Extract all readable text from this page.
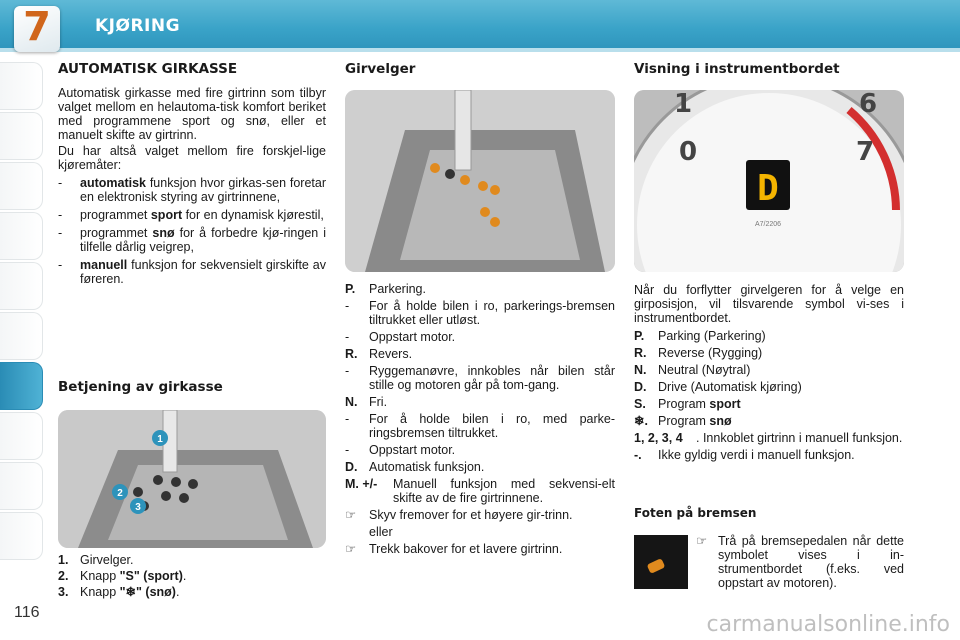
7	KJØRING

AUTOMATISK GIRKASSE

Automatisk girkasse med fire girtrinn som tilbyr valget mellom en helautoma-tisk komfort beriket med programmene sport og snø, eller et manuelt skifte av girtrinn.

Du har altså valget mellom fire forskjel-lige kjøremåter:

- automatisk funksjon hvor girkas-sen foretar en elektronisk styring av girtrinnene,

- programmet sport for en dynamisk kjørestil,

- programmet snø for å forbedre kjø-ringen i tilfelle dårlig veigrep,

- manuell funksjon for sekvensielt girskifte av føreren.

Betjening av girkasse

1
2
3
1. Girvelger.
2. Knapp "S" (sport).
3. Knapp "❄" (snø).

Girvelger

P. Parkering.

- For å holde bilen i ro, parkerings-bremsen tiltrukket eller utløst.

- Oppstart motor.

R. Revers.

- Ryggemanøvre, innkobles når bilen står stille og motoren går på tom-gang.

N. Fri.

- For å holde bilen i ro, med parke-ringsbremsen tiltrukket.

- Oppstart motor.

D. Automatisk funksjon.

M. +/- Manuell funksjon med sekvensi-elt skifte av de fire girtrinnene.

☞ Skyv fremover for et høyere gir-trinn.

eller

☞ Trekk bakover for et lavere girtrinn.

Visning i instrumentbordet

1
0
6
7
D
A7/2206

Når du forflytter girvelgeren for å velge en girposisjon, vil tilsvarende symbol vi-ses i instrumentbordet.

P. Parking (Parkering)

R. Reverse (Rygging)

N. Neutral (Nøytral)

D. Drive (Automatisk kjøring)

S. Program sport

❄. Program snø

1, 2, 3, 4 . Innkoblet girtrinn i manuell funksjon.

-. Ikke gyldig verdi i manuell funksjon.

Foten på bremsen

☞ Trå på bremsepedalen når dette symbolet vises i in-strumentbordet (f.eks. ved oppstart av motoren).

116	carmanualsonline.info
